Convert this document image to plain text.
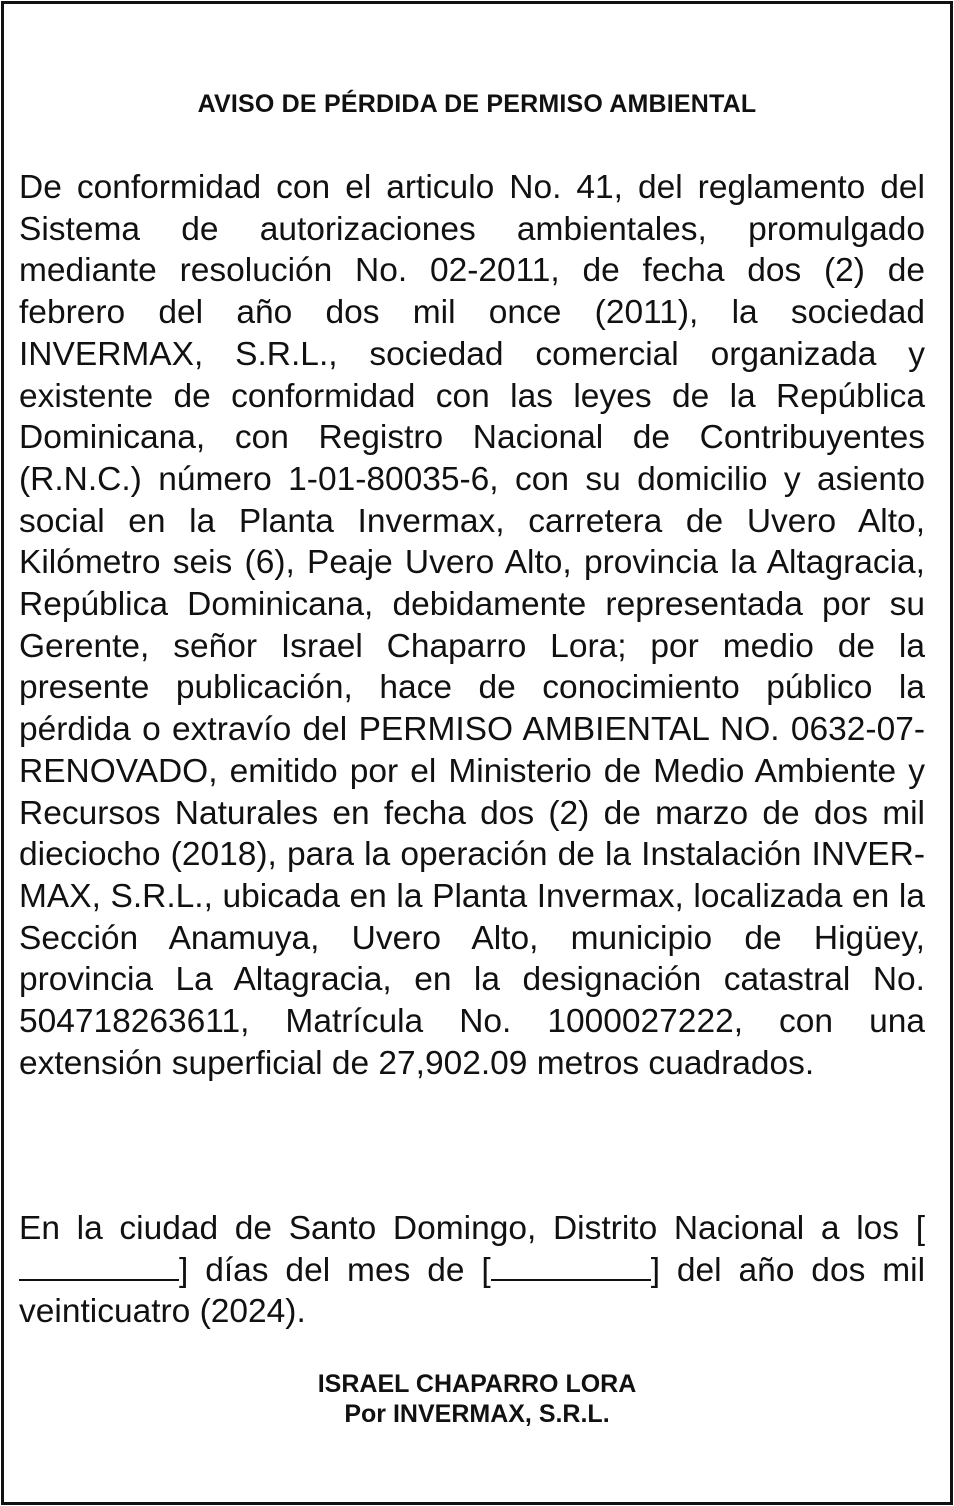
AVISO DE PÉRDIDA DE PERMISO AMBIENTAL

De conformidad con el articulo No. 41, del reglamento del Sistema de autorizaciones ambientales, promulgado mediante resolución No. 02-2011, de fecha dos (2) de febrero del año dos mil once (2011), la sociedad INVERMAX, S.R.L., sociedad comercial organizada y existente de conformidad con las leyes de la República Dominicana, con Registro Nacional de Contribuyentes (R.N.C.) número 1-01-80035-6, con su domicilio y asiento social en la Planta Invermax, carretera de Uvero Alto, Kilómetro seis (6), Peaje Uvero Alto, provincia la Altagracia, República Dominicana, debidamente representada por su Gerente, señor Israel Chaparro Lora; por medio de la presente publicación, hace de conocimiento público la pérdida o extravío del PERMISO AMBIENTAL NO. 0632-07-RENOVADO, emitido por el Ministerio de Medio Ambiente y Recursos Naturales en fecha dos (2) de marzo de dos mil dieciocho (2018), para la operación de la Instalación INVERMAX, S.R.L., ubicada en la Planta Invermax, localizada en la Sección Anamuya, Uvero Alto, municipio de Higüey, provincia La Altagracia, en la designación catastral No. 504718263611, Matrícula No. 1000027222, con una extensión superficial de 27,902.09 metros cuadrados.

En la ciudad de Santo Domingo, Distrito Nacional a los [] días del mes de [	] del año dos mil veinticuatro (2024).

ISRAEL CHAPARRO LORA
Por INVERMAX, S.R.L.
